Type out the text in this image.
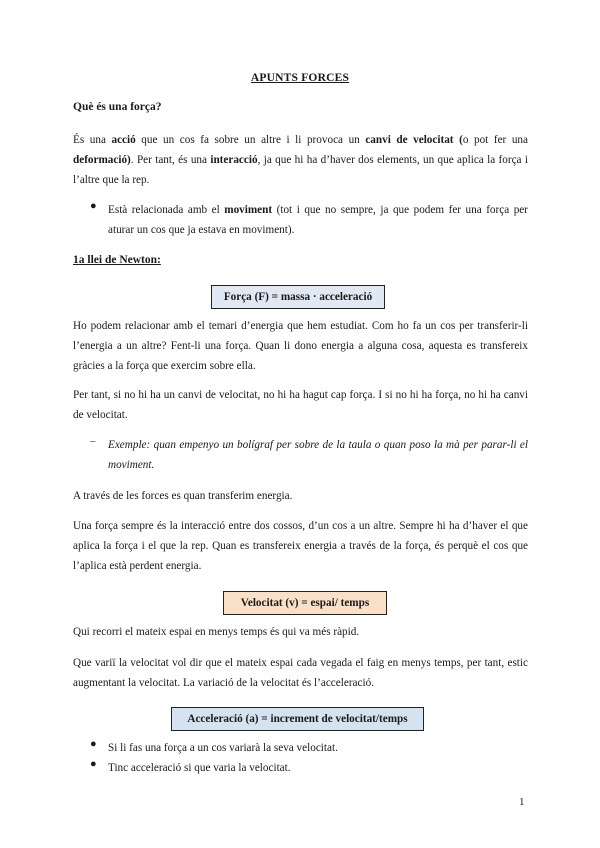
APUNTS FORCES
Què és una força?
És una acció que un cos fa sobre un altre i li provoca un canvi de velocitat (o pot fer una deformació). Per tant, és una interacció, ja que hi ha d’haver dos elements, un que aplica la força i l’altre que la rep.
● Està relacionada amb el moviment (tot i que no sempre, ja que podem fer una força per aturar un cos que ja estava en moviment).
1a llei de Newton:
Força (F) = massa · acceleració
Ho podem relacionar amb el temari d’energia que hem estudiat. Com ho fa un cos per transferir-li l’energia a un altre? Fent-li una força. Quan li dono energia a alguna cosa, aquesta es transfereix gràcies a la força que exercim sobre ella.
Per tant, si no hi ha un canvi de velocitat, no hi ha hagut cap força. I si no hi ha força, no hi ha canvi de velocitat.
– Exemple: quan empenyo un bolígraf per sobre de la taula o quan poso la mà per parar-li el moviment.
A través de les forces es quan transferim energia.
Una força sempre és la interacció entre dos cossos, d’un cos a un altre. Sempre hi ha d’haver el que aplica la força i el que la rep. Quan es transfereix energia a través de la força, és perquè el cos que l’aplica està perdent energia.
Velocitat (v) = espai/ temps
Qui recorri el mateix espai en menys temps és qui va més ràpid.
Que variï la velocitat vol dir que el mateix espai cada vegada el faig en menys temps, per tant, estic augmentant la velocitat. La variació de la velocitat és l’acceleració.
Acceleració (a) = increment de velocitat/temps
● Si li fas una força a un cos variarà la seva velocitat.
● Tinc acceleració si que varia la velocitat.
1
